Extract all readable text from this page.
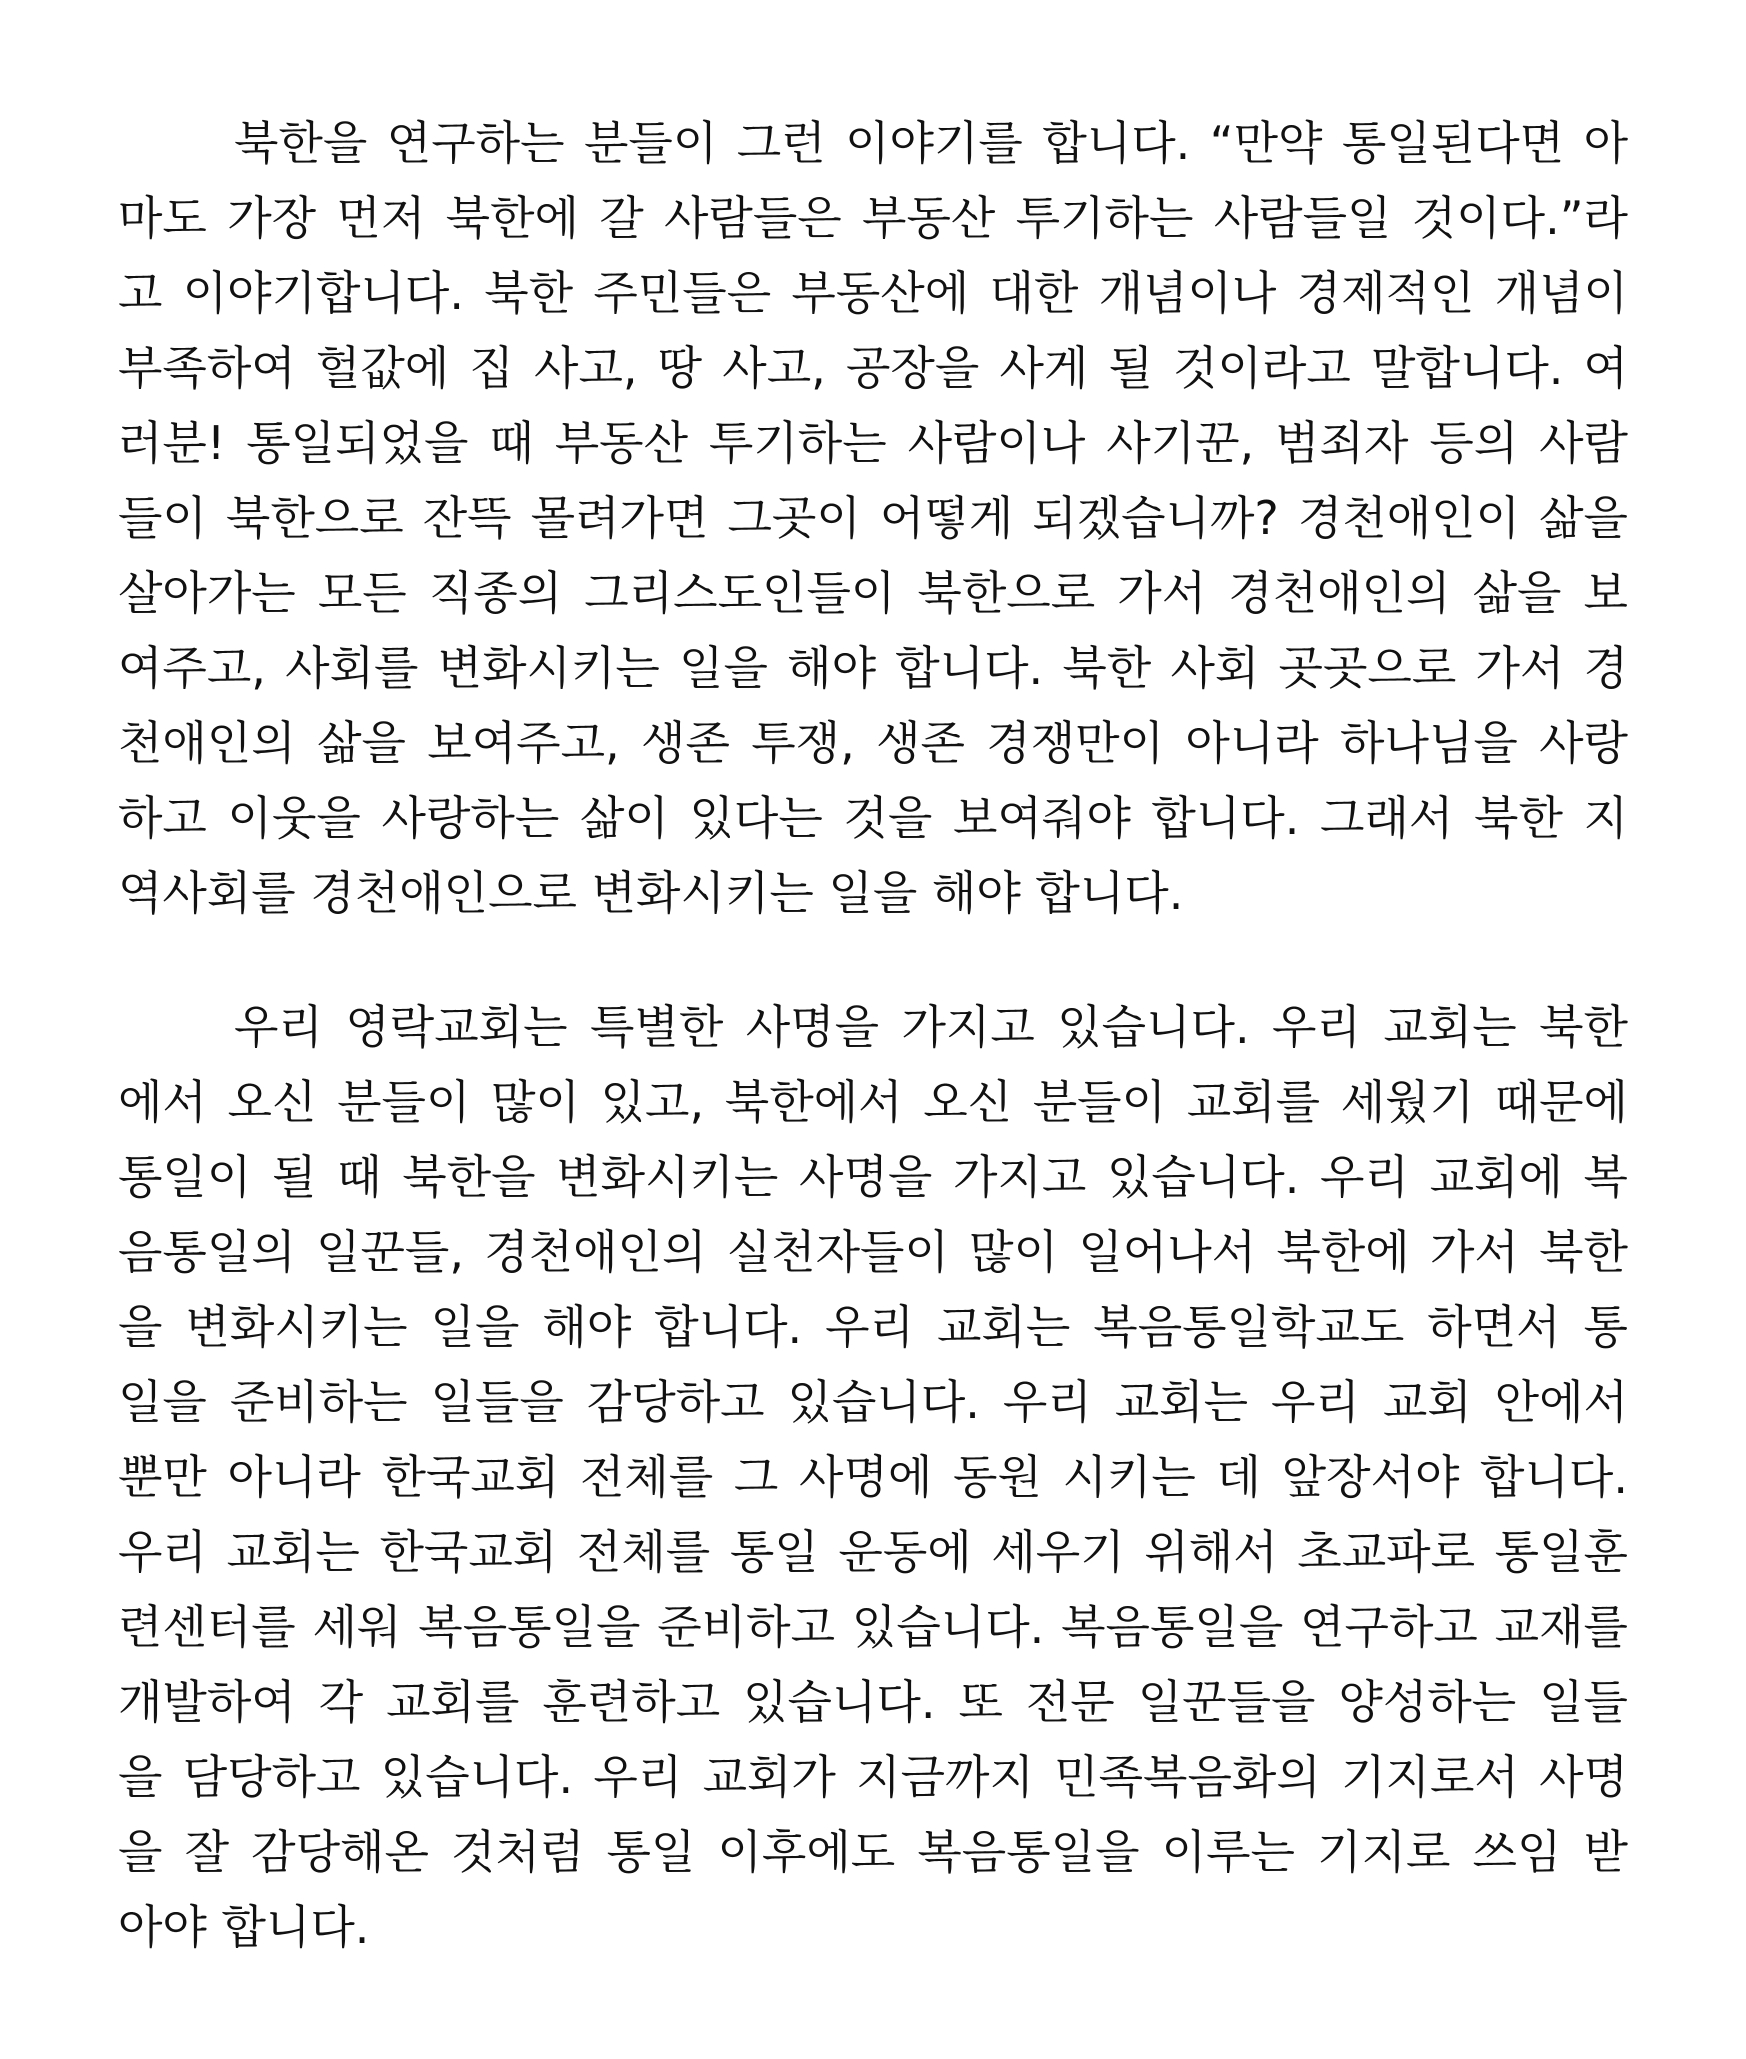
북한을 연구하는 분들이 그런 이야기를 합니다. “만약 통일된다면 아
마도 가장 먼저 북한에 갈 사람들은 부동산 투기하는 사람들일 것이다.”라
고 이야기합니다. 북한 주민들은 부동산에 대한 개념이나 경제적인 개념이
부족하여 헐값에 집 사고, 땅 사고, 공장을 사게 될 것이라고 말합니다. 여
러분! 통일되었을 때 부동산 투기하는 사람이나 사기꾼, 범죄자 등의 사람
들이 북한으로 잔뜩 몰려가면 그곳이 어떻게 되겠습니까? 경천애인이 삶을
살아가는 모든 직종의 그리스도인들이 북한으로 가서 경천애인의 삶을 보
여주고, 사회를 변화시키는 일을 해야 합니다. 북한 사회 곳곳으로 가서 경
천애인의 삶을 보여주고, 생존 투쟁, 생존 경쟁만이 아니라 하나님을 사랑
하고 이웃을 사랑하는 삶이 있다는 것을 보여줘야 합니다. 그래서 북한 지
역사회를 경천애인으로 변화시키는 일을 해야 합니다.
우리 영락교회는 특별한 사명을 가지고 있습니다. 우리 교회는 북한
에서 오신 분들이 많이 있고, 북한에서 오신 분들이 교회를 세웠기 때문에
통일이 될 때 북한을 변화시키는 사명을 가지고 있습니다. 우리 교회에 복
음통일의 일꾼들, 경천애인의 실천자들이 많이 일어나서 북한에 가서 북한
을 변화시키는 일을 해야 합니다. 우리 교회는 복음통일학교도 하면서 통
일을 준비하는 일들을 감당하고 있습니다. 우리 교회는 우리 교회 안에서
뿐만 아니라 한국교회 전체를 그 사명에 동원 시키는 데 앞장서야 합니다.
우리 교회는 한국교회 전체를 통일 운동에 세우기 위해서 초교파로 통일훈
련센터를 세워 복음통일을 준비하고 있습니다. 복음통일을 연구하고 교재를
개발하여 각 교회를 훈련하고 있습니다. 또 전문 일꾼들을 양성하는 일들
을 담당하고 있습니다. 우리 교회가 지금까지 민족복음화의 기지로서 사명
을 잘 감당해온 것처럼 통일 이후에도 복음통일을 이루는 기지로 쓰임 받
아야 합니다.
